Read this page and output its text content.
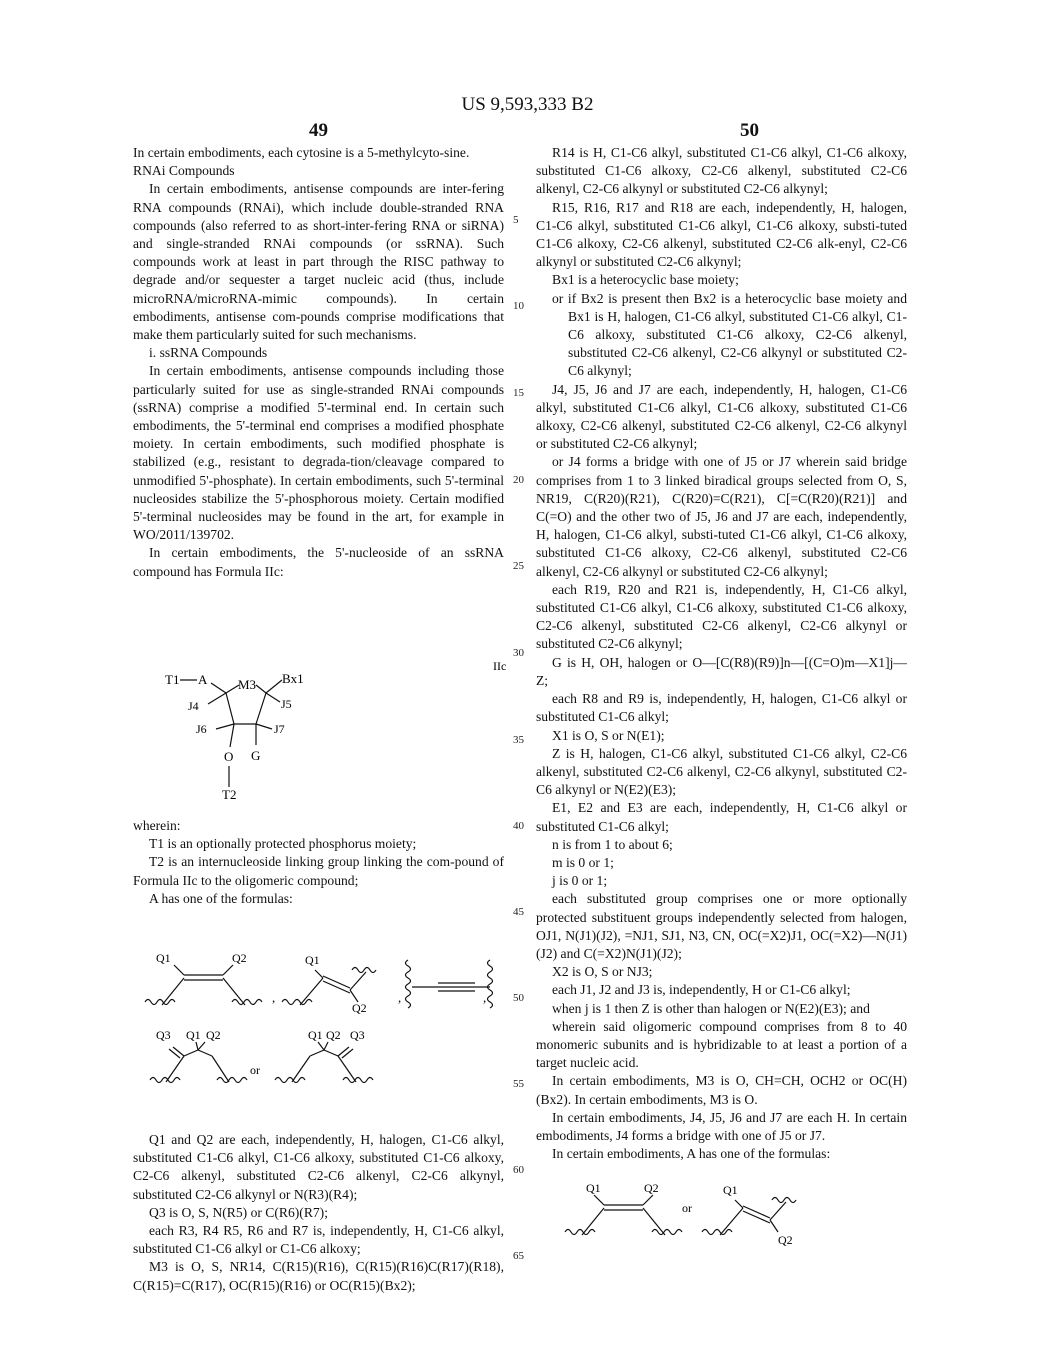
US 9,593,333 B2
49	50

In certain embodiments, each cytosine is a 5-methylcyto-sine.

RNAi Compounds

In certain embodiments, antisense compounds are inter-fering RNA compounds (RNAi), which include double-stranded RNA compounds (also referred to as short-inter-fering RNA or siRNA) and single-stranded RNAi compounds (or ssRNA). Such compounds work at least in part through the RISC pathway to degrade and/or sequester a target nucleic acid (thus, include microRNA/microRNA-mimic compounds). In certain embodiments, antisense com-pounds comprise modifications that make them particularly suited for such mechanisms.

i. ssRNA Compounds

In certain embodiments, antisense compounds including those particularly suited for use as single-stranded RNAi compounds (ssRNA) comprise a modified 5'-terminal end. In certain such embodiments, the 5'-terminal end comprises a modified phosphate moiety. In certain embodiments, such modified phosphate is stabilized (e.g., resistant to degrada-tion/cleavage compared to unmodified 5'-phosphate). In certain embodiments, such 5'-terminal nucleosides stabilize the 5'-phosphorous moiety. Certain modified 5'-terminal nucleosides may be found in the art, for example in WO/2011/139702.

In certain embodiments, the 5'-nucleoside of an ssRNA compound has Formula IIc:

T1 A M3 Bx1
J4	J5
J6	J7
O G
T2
IIc

wherein:

T1 is an optionally protected phosphorus moiety;

T2 is an internucleoside linking group linking the com-pound of Formula IIc to the oligomeric compound;

A has one of the formulas:

Q1	Q2
,
Q1
Q2
,	,
Q3 Q1 Q2
or
Q1 Q2 Q3

Q1 and Q2 are each, independently, H, halogen, C1-C6 alkyl, substituted C1-C6 alkyl, C1-C6 alkoxy, substituted C1-C6 alkoxy, C2-C6 alkenyl, substituted C2-C6 alkenyl, C2-C6 alkynyl, substituted C2-C6 alkynyl or N(R3)(R4);

Q3 is O, S, N(R5) or C(R6)(R7);

each R3, R4 R5, R6 and R7 is, independently, H, C1-C6 alkyl, substituted C1-C6 alkyl or C1-C6 alkoxy;

M3 is O, S, NR14, C(R15)(R16), C(R15)(R16)C(R17)(R18), C(R15)=C(R17), OC(R15)(R16) or OC(R15)(Bx2);

5
10
15
20
25
30
35
40
45
50
55
60
65

R14 is H, C1-C6 alkyl, substituted C1-C6 alkyl, C1-C6 alkoxy, substituted C1-C6 alkoxy, C2-C6 alkenyl, substituted C2-C6 alkenyl, C2-C6 alkynyl or substituted C2-C6 alkynyl;

R15, R16, R17 and R18 are each, independently, H, halogen, C1-C6 alkyl, substituted C1-C6 alkyl, C1-C6 alkoxy, substi-tuted C1-C6 alkoxy, C2-C6 alkenyl, substituted C2-C6 alk-enyl, C2-C6 alkynyl or substituted C2-C6 alkynyl;

Bx1 is a heterocyclic base moiety;

or if Bx2 is present then Bx2 is a heterocyclic base moiety and Bx1 is H, halogen, C1-C6 alkyl, substituted C1-C6 alkyl, C1-C6 alkoxy, substituted C1-C6 alkoxy, C2-C6 alkenyl, substituted C2-C6 alkenyl, C2-C6 alkynyl or substituted C2-C6 alkynyl;

J4, J5, J6 and J7 are each, independently, H, halogen, C1-C6 alkyl, substituted C1-C6 alkyl, C1-C6 alkoxy, substituted C1-C6 alkoxy, C2-C6 alkenyl, substituted C2-C6 alkenyl, C2-C6 alkynyl or substituted C2-C6 alkynyl;

or J4 forms a bridge with one of J5 or J7 wherein said bridge comprises from 1 to 3 linked biradical groups selected from O, S, NR19, C(R20)(R21), C(R20)=C(R21), C[=C(R20)(R21)] and C(=O) and the other two of J5, J6 and J7 are each, independently, H, halogen, C1-C6 alkyl, substi-tuted C1-C6 alkyl, C1-C6 alkoxy, substituted C1-C6 alkoxy, C2-C6 alkenyl, substituted C2-C6 alkenyl, C2-C6 alkynyl or substituted C2-C6 alkynyl;

each R19, R20 and R21 is, independently, H, C1-C6 alkyl, substituted C1-C6 alkyl, C1-C6 alkoxy, substituted C1-C6 alkoxy, C2-C6 alkenyl, substituted C2-C6 alkenyl, C2-C6 alkynyl or substituted C2-C6 alkynyl;

G is H, OH, halogen or O—[C(R8)(R9)]n—[(C=O)m—X1]j—Z;

each R8 and R9 is, independently, H, halogen, C1-C6 alkyl or substituted C1-C6 alkyl;

X1 is O, S or N(E1);

Z is H, halogen, C1-C6 alkyl, substituted C1-C6 alkyl, C2-C6 alkenyl, substituted C2-C6 alkenyl, C2-C6 alkynyl, substituted C2-C6 alkynyl or N(E2)(E3);

E1, E2 and E3 are each, independently, H, C1-C6 alkyl or substituted C1-C6 alkyl;

n is from 1 to about 6;

m is 0 or 1;

j is 0 or 1;

each substituted group comprises one or more optionally protected substituent groups independently selected from halogen, OJ1, N(J1)(J2), =NJ1, SJ1, N3, CN, OC(=X2)J1, OC(=X2)—N(J1)(J2) and C(=X2)N(J1)(J2);

X2 is O, S or NJ3;

each J1, J2 and J3 is, independently, H or C1-C6 alkyl;

when j is 1 then Z is other than halogen or N(E2)(E3); and

wherein said oligomeric compound comprises from 8 to 40 monomeric subunits and is hybridizable to at least a portion of a target nucleic acid.

In certain embodiments, M3 is O, CH=CH, OCH2 or OC(H)(Bx2). In certain embodiments, M3 is O.

In certain embodiments, J4, J5, J6 and J7 are each H. In certain embodiments, J4 forms a bridge with one of J5 or J7.

In certain embodiments, A has one of the formulas:

Q1	Q2
or
Q1
Q2
